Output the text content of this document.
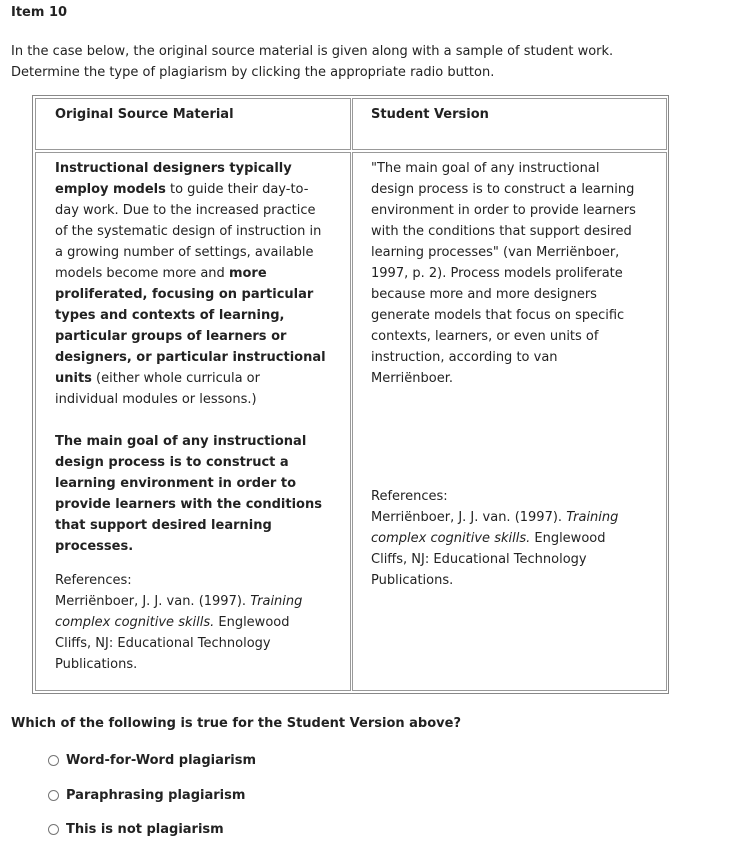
Item 10
In the case below, the original source material is given along with a sample of student work.
Determine the type of plagiarism by clicking the appropriate radio button.
Original Source Material	Student Version
Instructional designers typically
employ models to guide their day-to-
day work. Due to the increased practice
of the systematic design of instruction in
a growing number of settings, available
models become more and more
proliferated, focusing on particular
types and contexts of learning,
particular groups of learners or
designers, or particular instructional
units (either whole curricula or
individual modules or lessons.)
The main goal of any instructional
design process is to construct a
learning environment in order to
provide learners with the conditions
that support desired learning
processes.
References:
Merriënboer, J. J. van. (1997). Training
complex cognitive skills. Englewood
Cliffs, NJ: Educational Technology
Publications.
"The main goal of any instructional
design process is to construct a learning
environment in order to provide learners
with the conditions that support desired
learning processes" (van Merriënboer,
1997, p. 2). Process models proliferate
because more and more designers
generate models that focus on specific
contexts, learners, or even units of
instruction, according to van
Merriënboer.
References:
Merriënboer, J. J. van. (1997). Training
complex cognitive skills. Englewood
Cliffs, NJ: Educational Technology
Publications.
Which of the following is true for the Student Version above?
Word-for-Word plagiarism
Paraphrasing plagiarism
This is not plagiarism
